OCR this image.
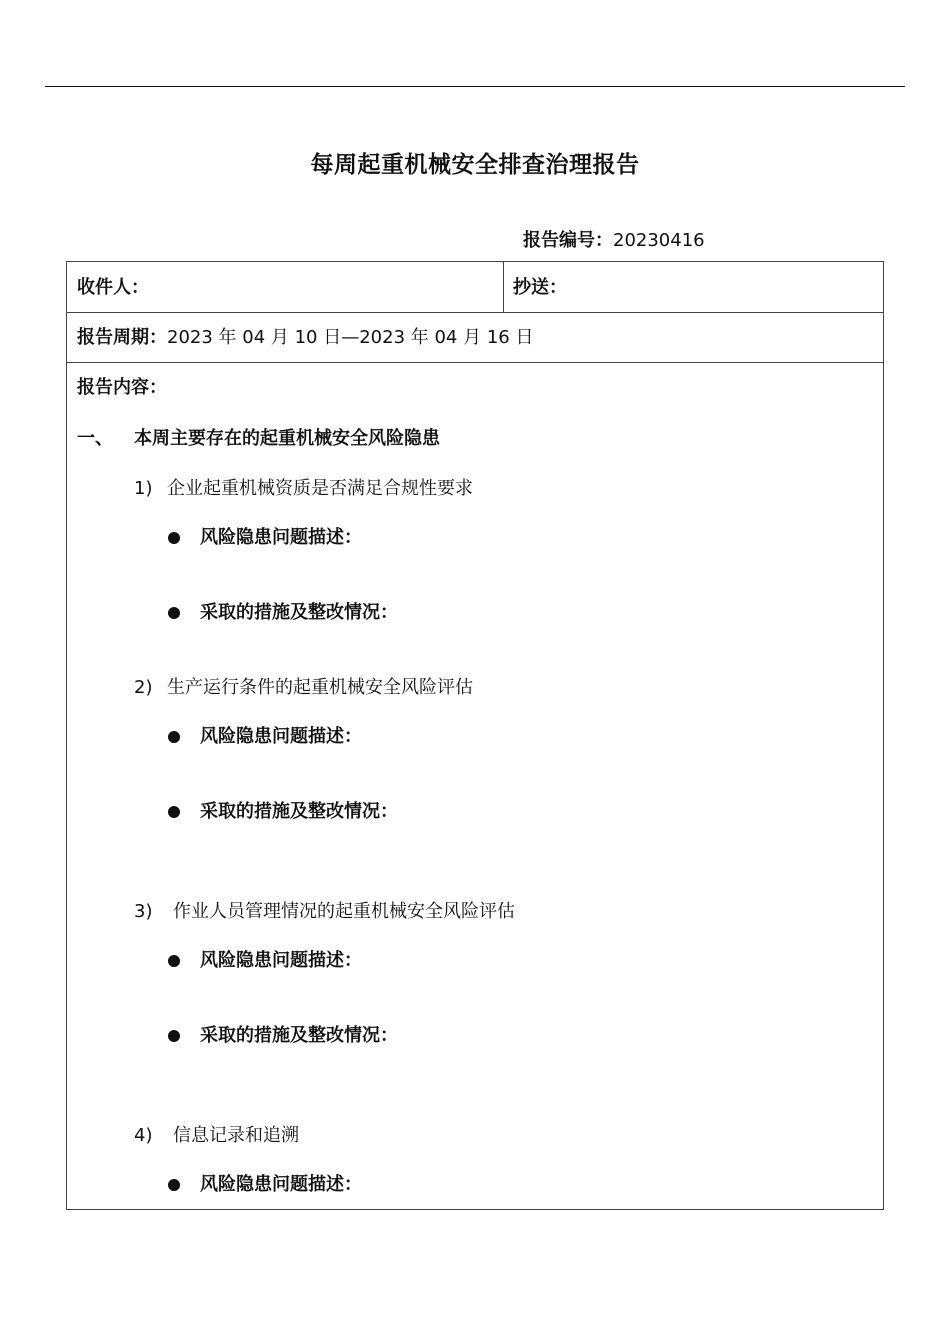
每周起重机械安全排查治理报告
报告编号：20230416
收件人：	抄送：
报告周期：2023 年 04 月 10 日—2023 年 04 月 16 日
报告内容：
一、 本周主要存在的起重机械安全风险隐患
1) 企业起重机械资质是否满足合规性要求
风险隐患问题描述：
采取的措施及整改情况：
2) 生产运行条件的起重机械安全风险评估
风险隐患问题描述：
采取的措施及整改情况：
3) 作业人员管理情况的起重机械安全风险评估
风险隐患问题描述：
采取的措施及整改情况：
4) 信息记录和追溯
风险隐患问题描述：
